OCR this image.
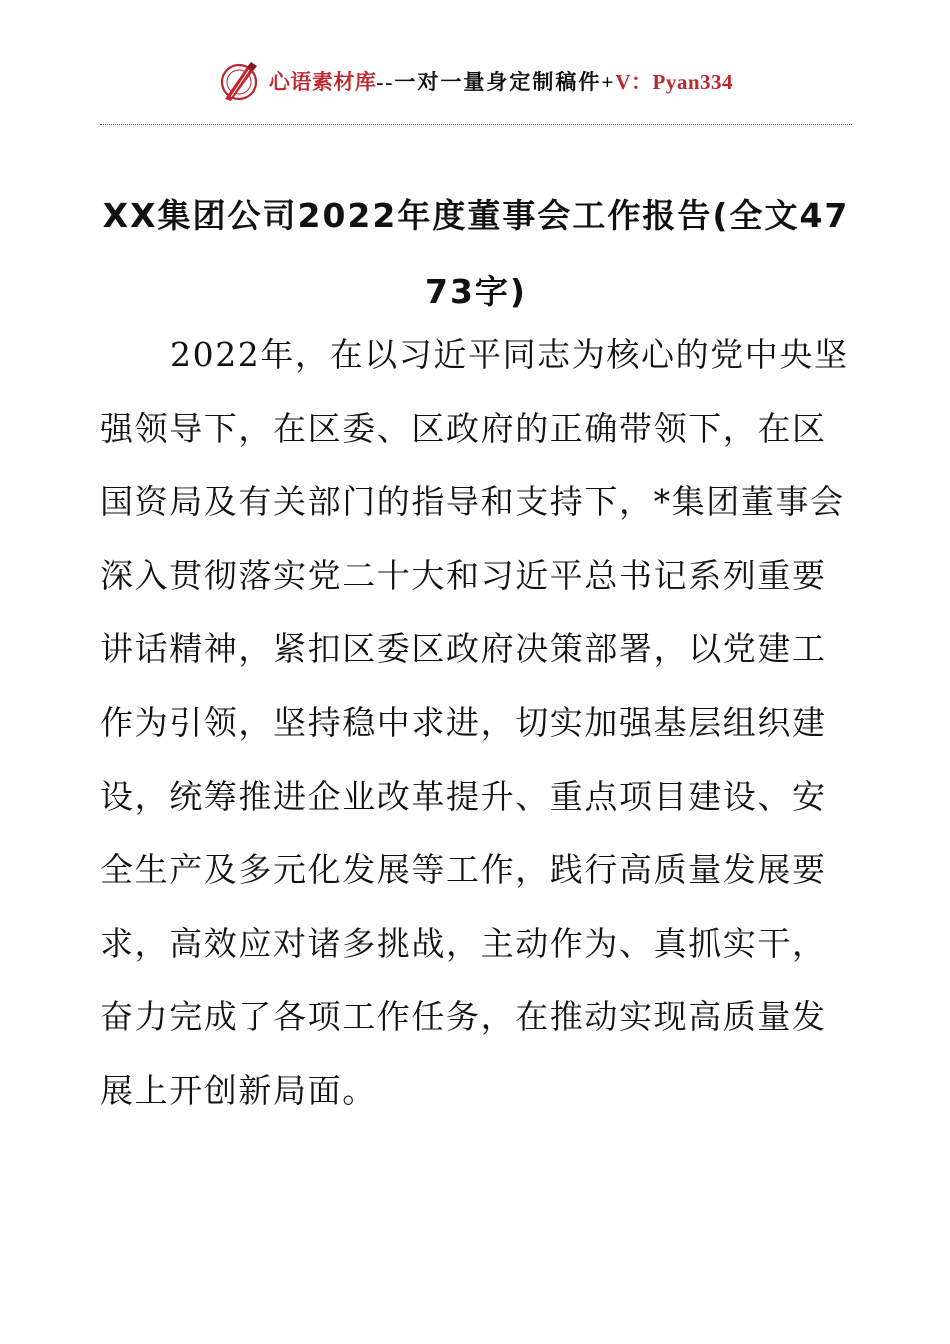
心语素材库--一对一量身定制稿件+V：Pyan334
XX集团公司2022年度董事会工作报告(全文4773字)

2022年，在以习近平同志为核心的党中央坚强领导下，在区委、区政府的正确带领下，在区国资局及有关部门的指导和支持下，*集团董事会深入贯彻落实党二十大和习近平总书记系列重要讲话精神，紧扣区委区政府决策部署，以党建工作为引领，坚持稳中求进，切实加强基层组织建设，统筹推进企业改革提升、重点项目建设、安全生产及多元化发展等工作，践行高质量发展要求，高效应对诸多挑战，主动作为、真抓实干，奋力完成了各项工作任务，在推动实现高质量发展上开创新局面。
